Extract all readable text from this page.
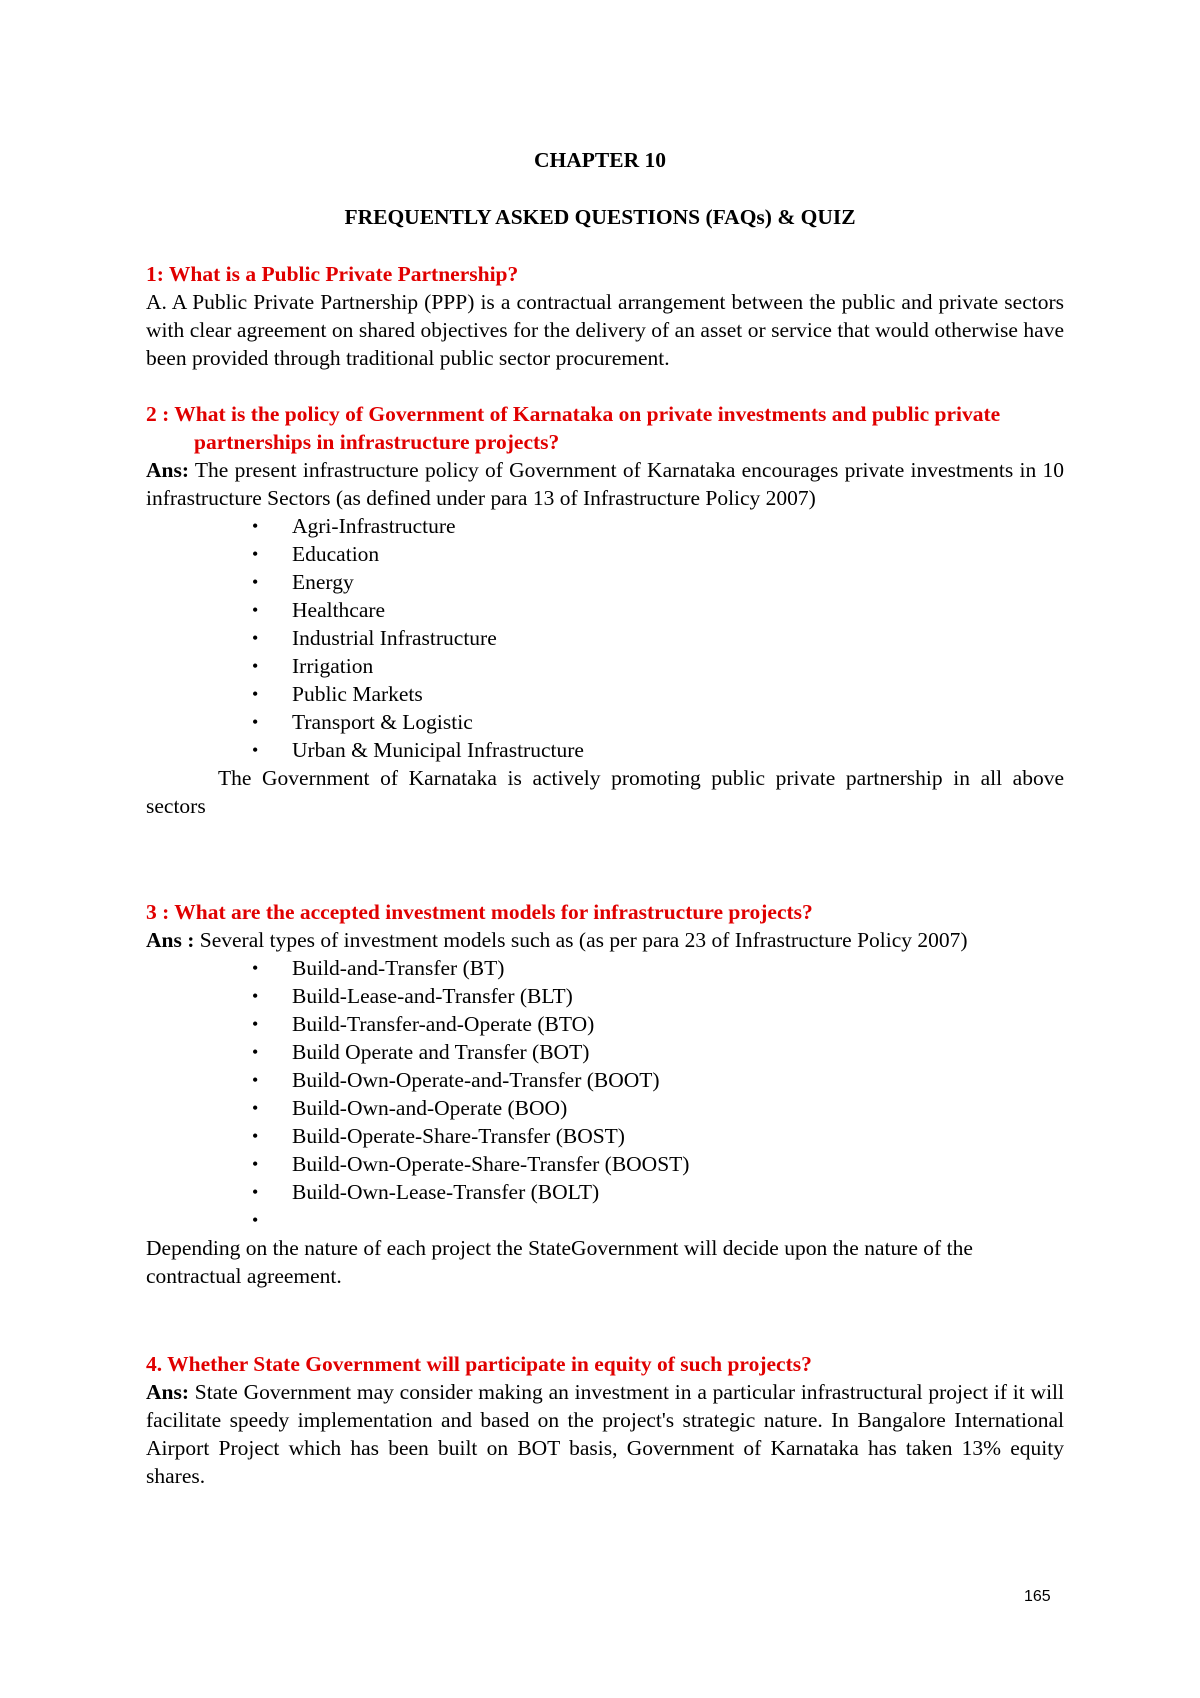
CHAPTER 10
FREQUENTLY ASKED QUESTIONS (FAQs) & QUIZ

1: What is a Public Private Partnership?

A. A Public Private Partnership (PPP) is a contractual arrangement between the public and private sectors with clear agreement on shared objectives for the delivery of an asset or service that would otherwise have been provided through traditional public sector procurement.

2 : What is the policy of Government of Karnataka on private investments and public private partnerships in infrastructure projects?

Ans: The present infrastructure policy of Government of Karnataka encourages private investments in 10 infrastructure Sectors (as defined under para 13 of Infrastructure Policy 2007)

• Agri-Infrastructure
• Education
• Energy
• Healthcare
• Industrial Infrastructure
• Irrigation
• Public Markets
• Transport & Logistic
• Urban & Municipal Infrastructure

The Government of Karnataka is actively promoting public private partnership in all above sectors

3 : What are the accepted investment models for infrastructure projects?

Ans : Several types of investment models such as (as per para 23 of Infrastructure Policy 2007)

• Build-and-Transfer (BT)
• Build-Lease-and-Transfer (BLT)
• Build-Transfer-and-Operate (BTO)
• Build Operate and Transfer (BOT)
• Build-Own-Operate-and-Transfer (BOOT)
• Build-Own-and-Operate (BOO)
• Build-Operate-Share-Transfer (BOST)
• Build-Own-Operate-Share-Transfer (BOOST)
• Build-Own-Lease-Transfer (BOLT)
•

Depending on the nature of each project the StateGovernment will decide upon the nature of the contractual agreement.

4. Whether State Government will participate in equity of such projects?

Ans: State Government may consider making an investment in a particular infrastructural project if it will facilitate speedy implementation and based on the project's strategic nature. In Bangalore International Airport Project which has been built on BOT basis, Government of Karnataka has taken 13% equity shares.

165
